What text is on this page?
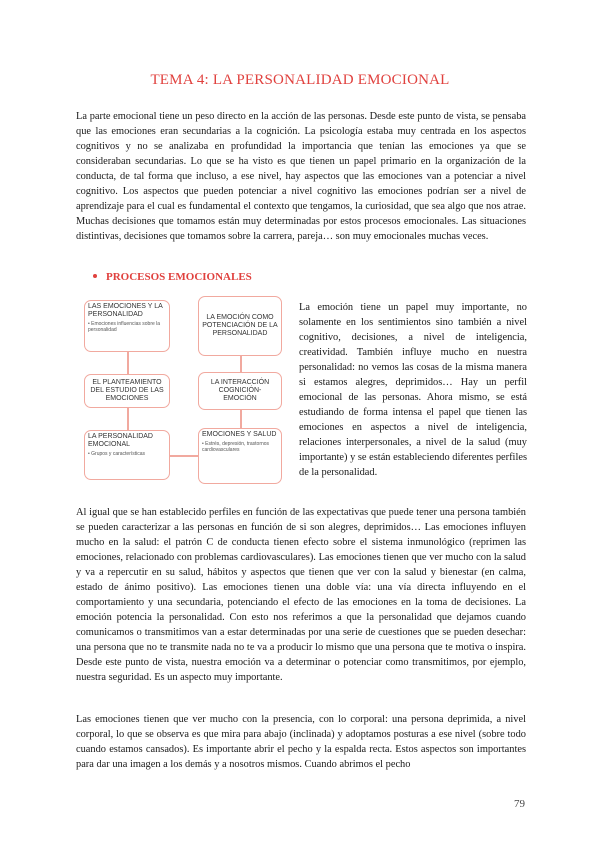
TEMA 4: LA PERSONALIDAD EMOCIONAL

La parte emocional tiene un peso directo en la acción de las personas. Desde este punto de vista, se pensaba que las emociones eran secundarias a la cognición. La psicología estaba muy centrada en los aspectos cognitivos y no se analizaba en profundidad la importancia que tenían las emociones ya que se consideraban secundarias. Lo que se ha visto es que tienen un papel primario en la organización de la conducta, de tal forma que incluso, a ese nivel, hay aspectos que las emociones van a potenciar a nivel cognitivo. Los aspectos que pueden potenciar a nivel cognitivo las emociones podrían ser a nivel de aprendizaje para el cual es fundamental el contexto que tengamos, la curiosidad, que sea algo que nos atrae. Muchas decisiones que tomamos están muy determinadas por estos procesos emocionales. Las situaciones distintivas, decisiones que tomamos sobre la carrera, pareja… son muy emocionales muchas veces.

PROCESOS EMOCIONALES
LAS EMOCIONES Y LA PERSONALIDAD
• Emociones influencias sobre la personalidad
LA EMOCIÓN COMO POTENCIACIÓN DE LA PERSONALIDAD
EL PLANTEAMIENTO DEL ESTUDIO DE LAS EMOCIONES
LA INTERACCIÓN COGNICIÓN-EMOCIÓN
LA PERSONALIDAD EMOCIONAL
• Grupos y características
EMOCIONES Y SALUD
• Estrés, depresión, trastornos cardiovasculares

La emoción tiene un papel muy importante, no solamente en los sentimientos sino también a nivel cognitivo, decisiones, a nivel de inteligencia, creatividad. También influye mucho en nuestra personalidad: no vemos las cosas de la misma manera si estamos alegres, deprimidos… Hay un perfil emocional de las personas. Ahora mismo, se está estudiando de forma intensa el papel que tienen las emociones en aspectos a nivel de inteligencia, relaciones interpersonales, a nivel de la salud (muy importante) y se están estableciendo diferentes perfiles de la personalidad.

Al igual que se han establecido perfiles en función de las expectativas que puede tener una persona también se pueden caracterizar a las personas en función de si son alegres, deprimidos… Las emociones influyen mucho en la salud: el patrón C de conducta tienen efecto sobre el sistema inmunológico (reprimen las emociones, relacionado con problemas cardiovasculares). Las emociones tienen que ver mucho con la salud y va a repercutir en su salud, hábitos y aspectos que tienen que ver con la salud y bienestar (en calma, estado de ánimo positivo). Las emociones tienen una doble vía: una vía directa influyendo en el comportamiento y una secundaria, potenciando el efecto de las emociones en la toma de decisiones. La emoción potencia la personalidad. Con esto nos referimos a que la personalidad que dejamos cuando comunicamos o transmitimos van a estar determinadas por una serie de cuestiones que se pueden desechar: una persona que no te transmite nada no te va a producir lo mismo que una persona que te motiva o inspira. Desde este punto de vista, nuestra emoción va a determinar o potenciar como transmitimos, por ejemplo, nuestra seguridad. Es un aspecto muy importante.

Las emociones tienen que ver mucho con la presencia, con lo corporal: una persona deprimida, a nivel corporal, lo que se observa es que mira para abajo (inclinada) y adoptamos posturas a ese nivel (sobre todo cuando estamos cansados). Es importante abrir el pecho y la espalda recta. Estos aspectos son importantes para dar una imagen a los demás y a nosotros mismos. Cuando abrimos el pecho

79
